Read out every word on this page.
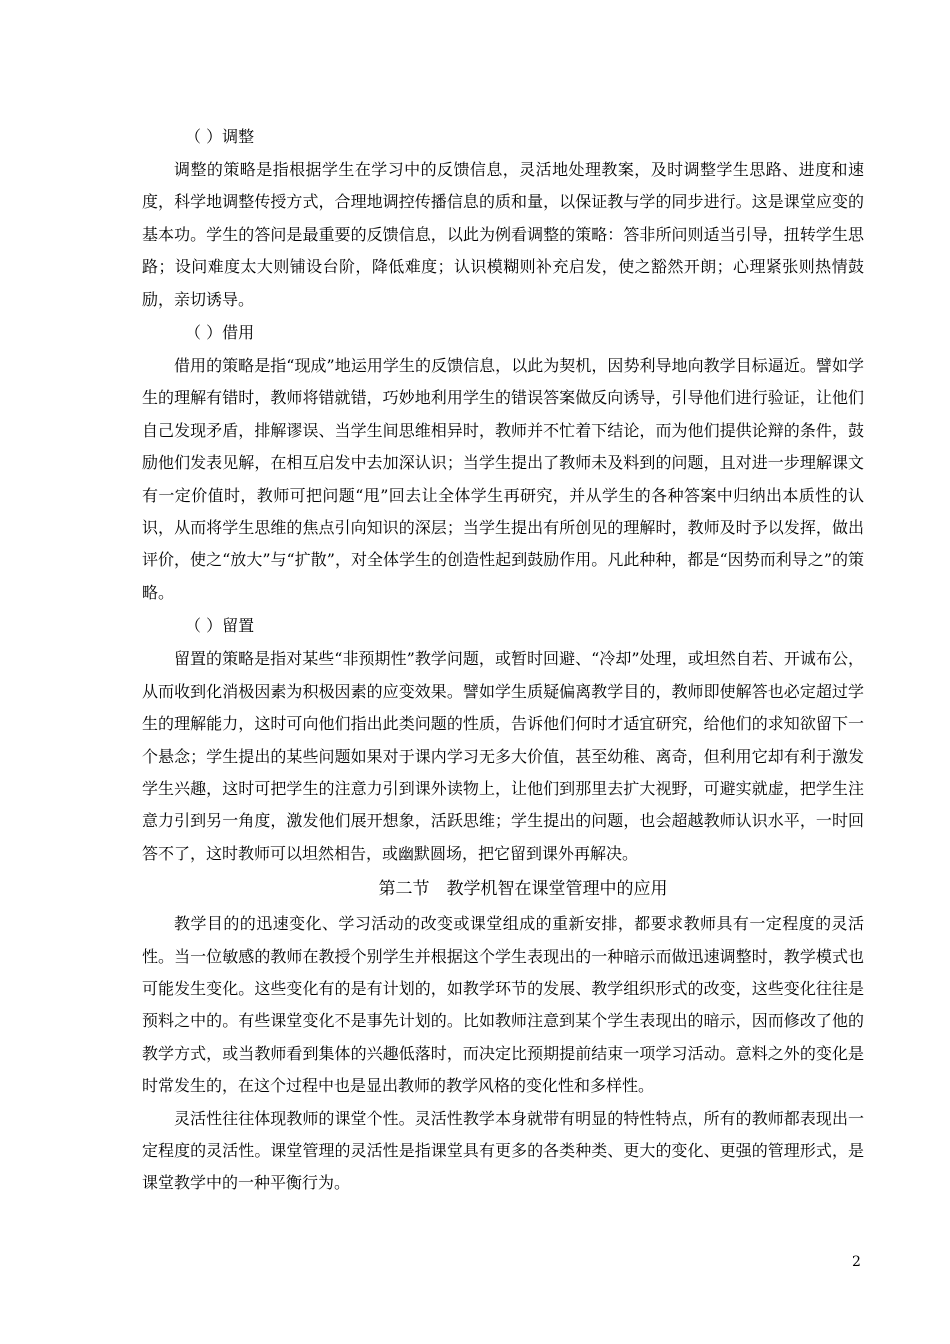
（ ）调整

调整的策略是指根据学生在学习中的反馈信息，灵活地处理教案，及时调整学生思路、进度和速度，科学地调整传授方式，合理地调控传播信息的质和量，以保证教与学的同步进行。这是课堂应变的基本功。学生的答问是最重要的反馈信息，以此为例看调整的策略：答非所问则适当引导，扭转学生思路；设问难度太大则铺设台阶，降低难度；认识模糊则补充启发，使之豁然开朗；心理紧张则热情鼓励，亲切诱导。

（ ）借用

借用的策略是指“现成”地运用学生的反馈信息，以此为契机，因势利导地向教学目标逼近。譬如学生的理解有错时，教师将错就错，巧妙地利用学生的错误答案做反向诱导，引导他们进行验证，让他们自己发现矛盾，排解谬误、当学生间思维相异时，教师并不忙着下结论，而为他们提供论辩的条件，鼓励他们发表见解，在相互启发中去加深认识；当学生提出了教师未及料到的问题，且对进一步理解课文有一定价值时，教师可把问题“甩”回去让全体学生再研究，并从学生的各种答案中归纳出本质性的认识，从而将学生思维的焦点引向知识的深层；当学生提出有所创见的理解时，教师及时予以发挥，做出评价，使之“放大”与“扩散”，对全体学生的创造性起到鼓励作用。凡此种种，都是“因势而利导之”的策略。

（ ）留置

留置的策略是指对某些“非预期性”教学问题，或暂时回避、“冷却”处理，或坦然自若、开诚布公，从而收到化消极因素为积极因素的应变效果。譬如学生质疑偏离教学目的，教师即使解答也必定超过学生的理解能力，这时可向他们指出此类问题的性质，告诉他们何时才适宜研究，给他们的求知欲留下一个悬念；学生提出的某些问题如果对于课内学习无多大价值，甚至幼稚、离奇，但利用它却有利于激发学生兴趣，这时可把学生的注意力引到课外读物上，让他们到那里去扩大视野，可避实就虚，把学生注意力引到另一角度，激发他们展开想象，活跃思维；学生提出的问题，也会超越教师认识水平，一时回答不了，这时教师可以坦然相告，或幽默圆场，把它留到课外再解决。

第二节　教学机智在课堂管理中的应用

教学目的的迅速变化、学习活动的改变或课堂组成的重新安排，都要求教师具有一定程度的灵活性。当一位敏感的教师在教授个别学生并根据这个学生表现出的一种暗示而做迅速调整时，教学模式也可能发生变化。这些变化有的是有计划的，如教学环节的发展、教学组织形式的改变，这些变化往往是预料之中的。有些课堂变化不是事先计划的。比如教师注意到某个学生表现出的暗示，因而修改了他的教学方式，或当教师看到集体的兴趣低落时，而决定比预期提前结束一项学习活动。意料之外的变化是时常发生的，在这个过程中也是显出教师的教学风格的变化性和多样性。

灵活性往往体现教师的课堂个性。灵活性教学本身就带有明显的特性特点，所有的教师都表现出一定程度的灵活性。课堂管理的灵活性是指课堂具有更多的各类种类、更大的变化、更强的管理形式，是课堂教学中的一种平衡行为。

2
